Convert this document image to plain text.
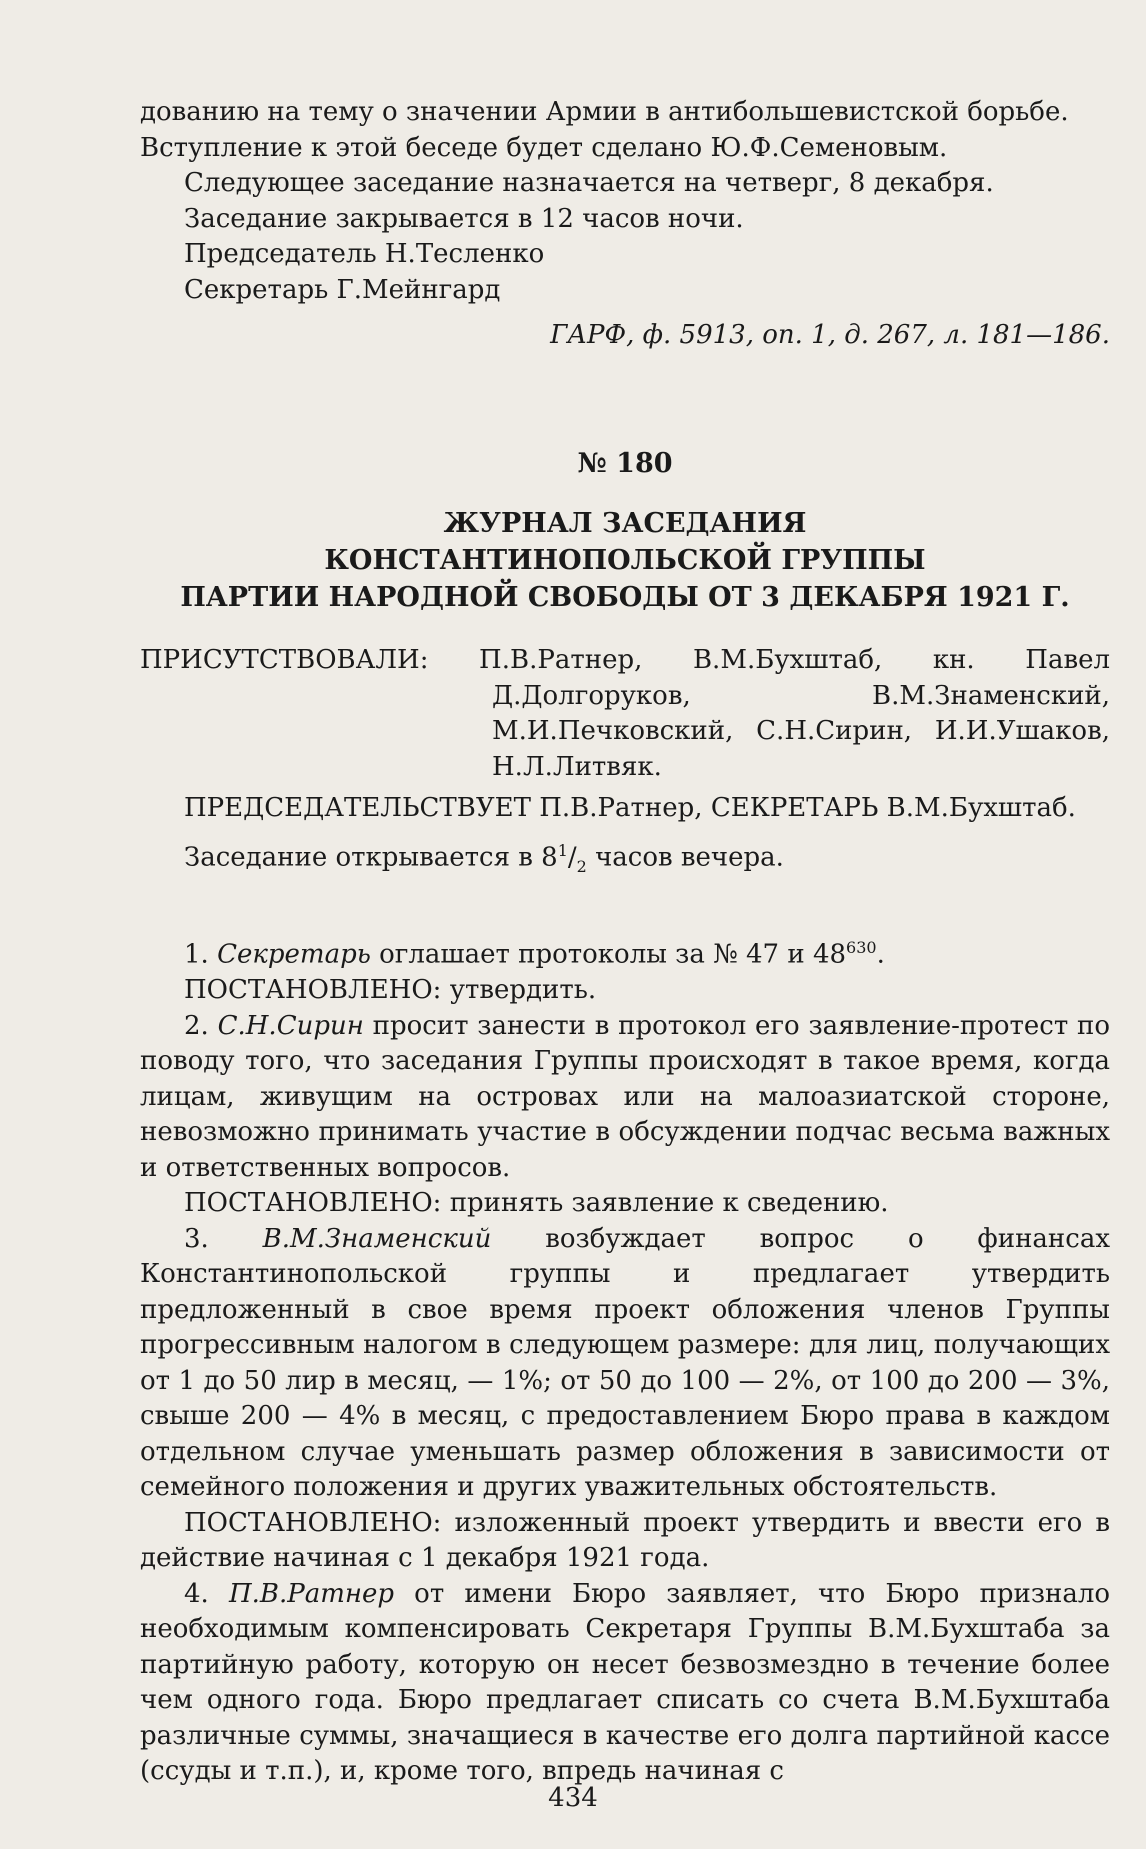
дованию на тему о значении Армии в антибольшевистской борьбе.

Вступление к этой беседе будет сделано Ю.Ф.Семеновым.

Следующее заседание назначается на четверг, 8 декабря.

Заседание закрывается в 12 часов ночи.

Председатель Н.Тесленко

Секретарь Г.Мейнгард

ГАРФ, ф. 5913, оп. 1, д. 267, л. 181—186.

№ 180

ЖУРНАЛ ЗАСЕДАНИЯ

КОНСТАНТИНОПОЛЬСКОЙ ГРУППЫ

ПАРТИИ НАРОДНОЙ СВОБОДЫ ОТ 3 ДЕКАБРЯ 1921 Г.

ПРИСУТСТВОВАЛИ: П.В.Ратнер, В.М.Бухштаб, кн. Павел Д.Долгоруков, В.М.Знаменский, М.И.Печковский, С.Н.Сирин, И.И.Ушаков, Н.Л.Литвяк.

ПРЕДСЕДАТЕЛЬСТВУЕТ П.В.Ратнер, СЕКРЕТАРЬ В.М.Бухштаб.

Заседание открывается в $8^1/_2$ часов вечера.

1. Секретарь оглашает протоколы за № 47 и $48^{630}$.

ПОСТАНОВЛЕНО: утвердить.

2. С.Н.Сирин просит занести в протокол его заявление-протест по поводу того, что заседания Группы происходят в такое время, когда лицам, живущим на островах или на малоазиатской стороне, невозможно принимать участие в обсуждении подчас весьма важных и ответственных вопросов.

ПОСТАНОВЛЕНО: принять заявление к сведению.

3. В.М.Знаменский возбуждает вопрос о финансах Константинопольской группы и предлагает утвердить предложенный в свое время проект обложения членов Группы прогрессивным налогом в следующем размере: для лиц, получающих от 1 до 50 лир в месяц, — 1%; от 50 до 100 — 2%, от 100 до 200 — 3%, свыше 200 — 4% в месяц, с предоставлением Бюро права в каждом отдельном случае уменьшать размер обложения в зависимости от семейного положения и других уважительных обстоятельств.

ПОСТАНОВЛЕНО: изложенный проект утвердить и ввести его в действие начиная с 1 декабря 1921 года.

4. П.В.Ратнер от имени Бюро заявляет, что Бюро признало необходимым компенсировать Секретаря Группы В.М.Бухштаба за партийную работу, которую он несет безвозмездно в течение более чем одного года. Бюро предлагает списать со счета В.М.Бухштаба различные суммы, значащиеся в качестве его долга партийной кассе (ссуды и т.п.), и, кроме того, впредь начиная с

434
